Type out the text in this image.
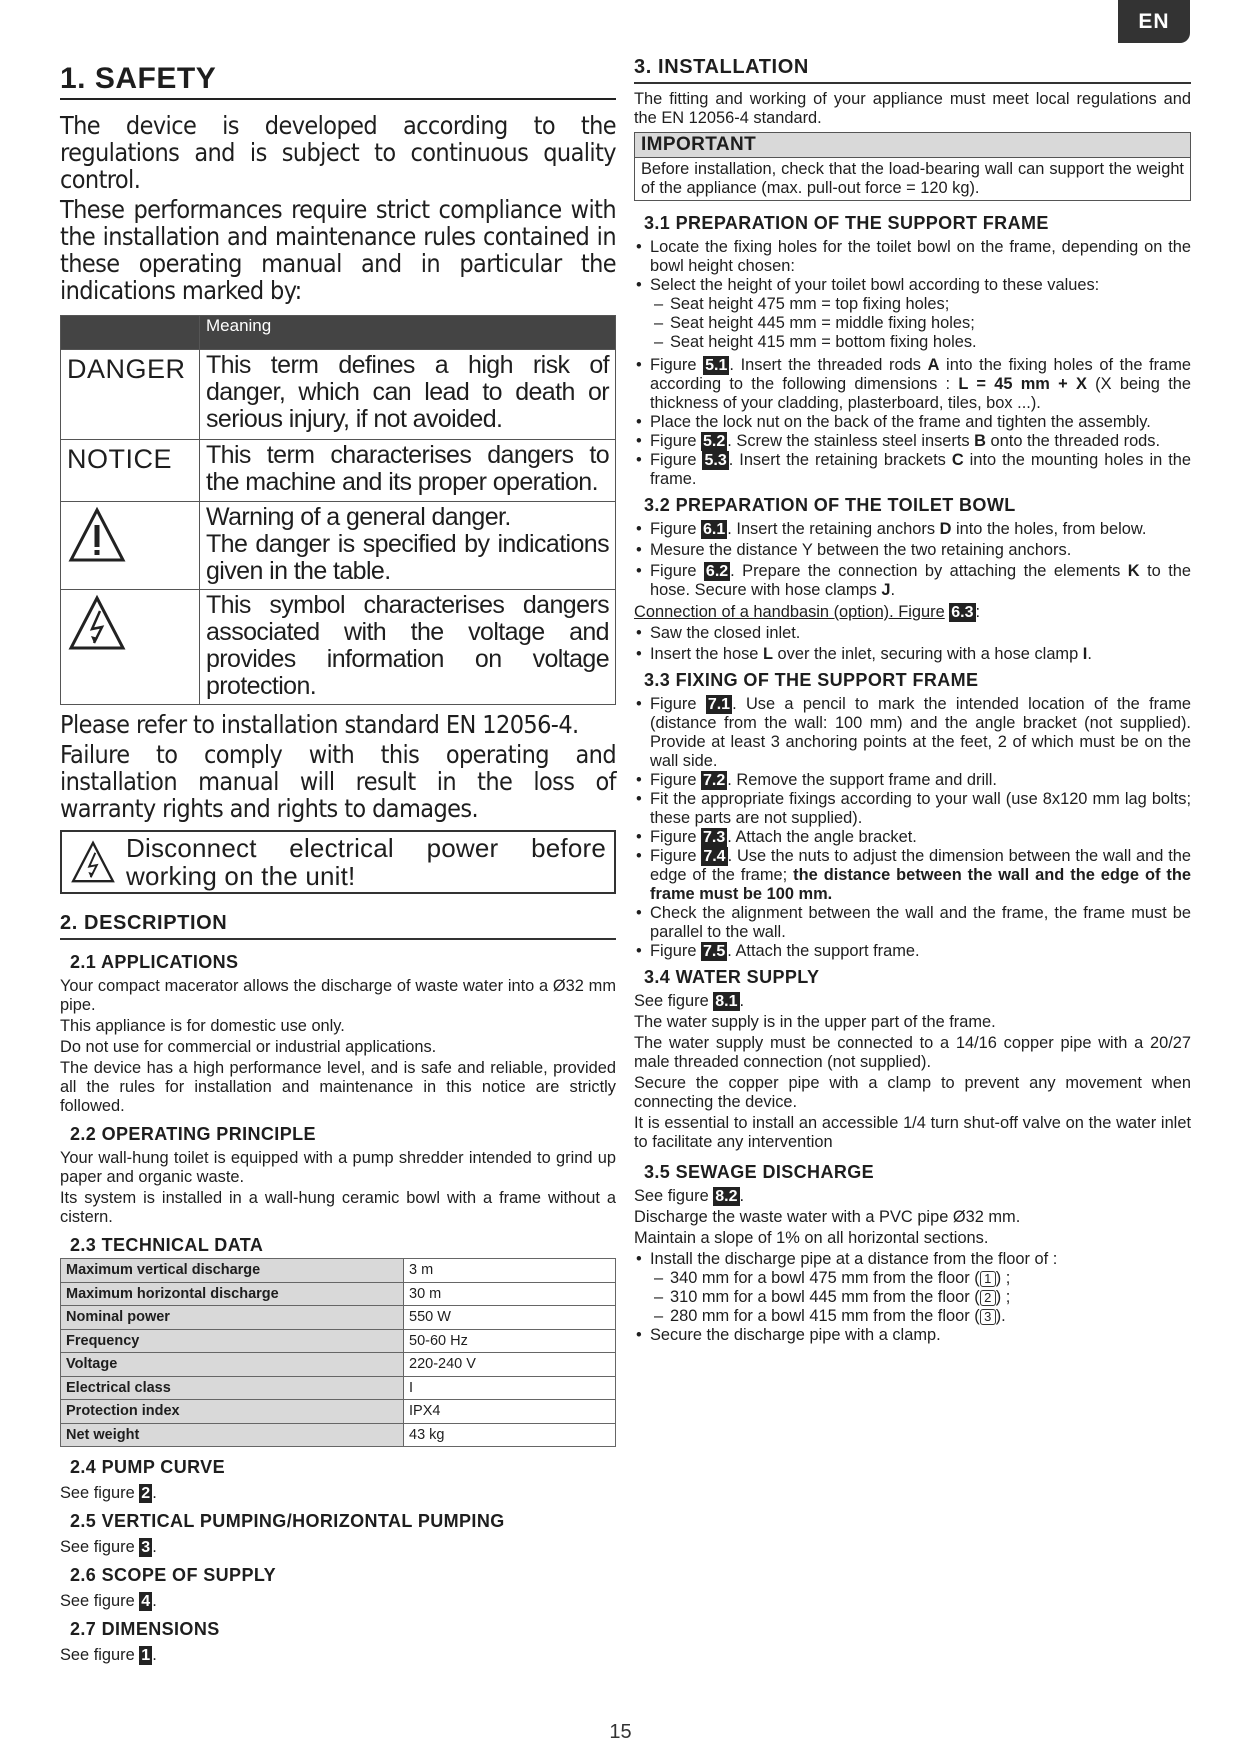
EN
1. SAFETY

The device is developed according to the regulations and is subject to continuous quality control.

These performances require strict compliance with the installation and maintenance rules contained in these operating manual and in particular the indications marked by:

	Meaning
DANGER	This term defines a high risk of danger, which can lead to death or serious injury, if not avoided.
NOTICE	This term characterises dangers to the machine and its proper operation.

Warning of a general danger.
The danger is specified by indications given in the table.

	This symbol characterises dangers associated with the voltage and provides information on voltage protection.

Please refer to installation standard EN 12056-4.

Failure to comply with this operating and installation manual will result in the loss of warranty rights and rights to damages.

Disconnect electrical power before working on the unit!
2. DESCRIPTION
2.1 APPLICATIONS

Your compact macerator allows the discharge of waste water into a Ø32 mm pipe.

This appliance is for domestic use only.

Do not use for commercial or industrial applications.

The device has a high performance level, and is safe and reliable, provided all the rules for installation and maintenance in this notice are strictly followed.

2.2 OPERATING PRINCIPLE

Your wall-hung toilet is equipped with a pump shredder intended to grind up paper and organic waste.

Its system is installed in a wall-hung ceramic bowl with a frame without a cistern.

2.3 TECHNICAL DATA
Maximum vertical discharge	3 m
Maximum horizontal discharge	30 m
Nominal power	550 W
Frequency	50-60 Hz
Voltage	220-240 V
Electrical class	I
Protection index	IPX4
Net weight	43 kg
2.4 PUMP CURVE
See figure 2 .
2.5 VERTICAL PUMPING/HORIZONTAL PUMPING
See figure 3 .
2.6 SCOPE OF SUPPLY
See figure 4 .
2.7 DIMENSIONS
See figure 1 .
3. INSTALLATION
The fitting and working of your appliance must meet local regulations and the EN 12056-4 standard.
IMPORTANT
Before installation, check that the load-bearing wall can support the weight of the appliance (max. pull-out force = 120 kg).
3.1 PREPARATION OF THE SUPPORT FRAME
• Locate the fixing holes for the toilet bowl on the frame, depending on the bowl height chosen:
• Select the height of your toilet bowl according to these values:
– Seat height 475 mm = top fixing holes;
– Seat height 445 mm = middle fixing holes;
– Seat height 415 mm = bottom fixing holes.
• Figure 5.1 . Insert the threaded rods A into the fixing holes of the frame according to the following dimensions : L = 45 mm + X (X being the thickness of your cladding, plasterboard, tiles, box ...).
• Place the lock nut on the back of the frame and tighten the assembly.
• Figure 5.2 . Screw the stainless steel inserts B onto the threaded rods.
• Figure 5.3 . Insert the retaining brackets C into the mounting holes in the frame.
3.2 PREPARATION OF THE TOILET BOWL
• Figure 6.1 . Insert the retaining anchors D into the holes, from below.
• Mesure the distance Y between the two retaining anchors.
• Figure 6.2 . Prepare the connection by attaching the elements K to the hose. Secure with hose clamps J.

Connection of a handbasin (option). Figure 6.3 :

• Saw the closed inlet.
• Insert the hose L over the inlet, securing with a hose clamp I.
3.3 FIXING OF THE SUPPORT FRAME
• Figure 7.1 . Use a pencil to mark the intended location of the frame (distance from the wall: 100 mm) and the angle bracket (not supplied). Provide at least 3 anchoring points at the feet, 2 of which must be on the wall side.
• Figure 7.2 . Remove the support frame and drill.
• Fit the appropriate fixings according to your wall (use 8x120 mm lag bolts; these parts are not supplied).
• Figure 7.3 . Attach the angle bracket.
• Figure 7.4 . Use the nuts to adjust the dimension between the wall and the edge of the frame; the distance between the wall and the edge of the frame must be 100 mm.
• Check the alignment between the wall and the frame, the frame must be parallel to the wall.
• Figure 7.5 . Attach the support frame.
3.4 WATER SUPPLY

See figure 8.1 .

The water supply is in the upper part of the frame.

The water supply must be connected to a 14/16 copper pipe with a 20/27 male threaded connection (not supplied).

Secure the copper pipe with a clamp to prevent any movement when connecting the device.

It is essential to install an accessible 1/4 turn shut-off valve on the water inlet to facilitate any intervention

3.5 SEWAGE DISCHARGE

See figure 8.2 .

Discharge the waste water with a PVC pipe Ø32 mm.

Maintain a slope of 1% on all horizontal sections.

• Install the discharge pipe at a distance from the floor of :
– 340 mm for a bowl 475 mm from the floor ( 1 ) ;
– 310 mm for a bowl 445 mm from the floor ( 2 ) ;
– 280 mm for a bowl 415 mm from the floor ( 3 ).
• Secure the discharge pipe with a clamp.
15
